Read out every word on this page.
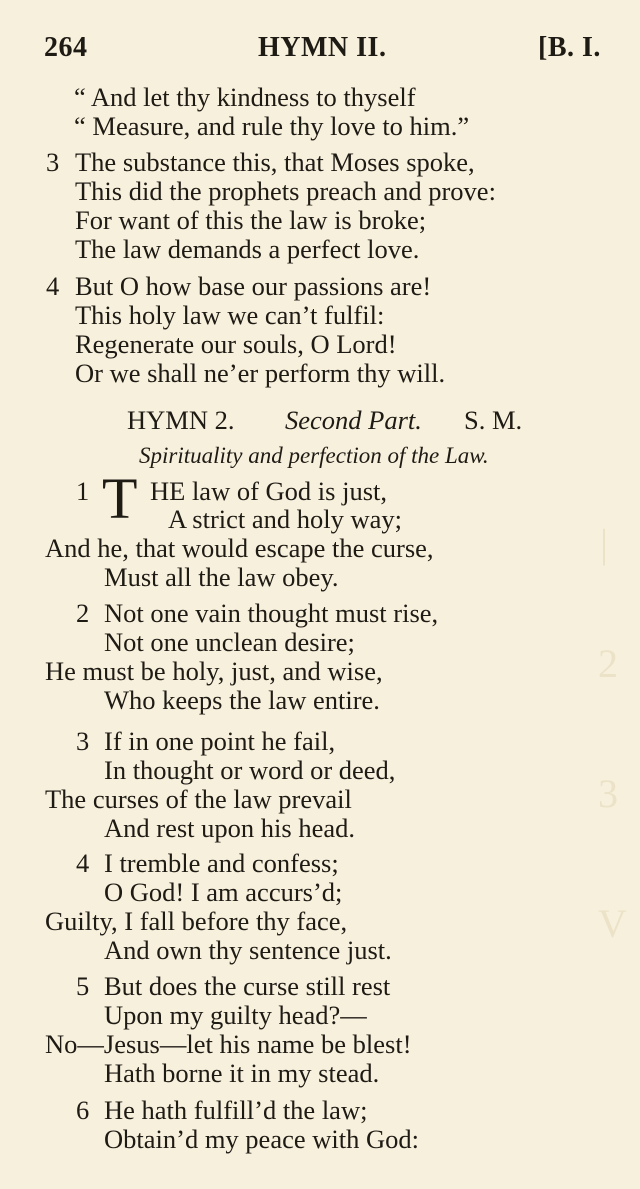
|
2
3
V
264	HYMN II.	[B. I.
“ And let thy kindness to thyself
“ Measure, and rule thy love to him.”
3 The substance this, that Moses spoke,
This did the prophets preach and prove:
For want of this the law is broke;
The law demands a perfect love.
4 But O how base our passions are!
This holy law we can’t fulfil:
Regenerate our souls, O Lord!
Or we shall ne’er perform thy will.
HYMN 2. Second Part. S. M.
Spirituality and perfection of the Law.
1 T HE law of God is just,
A strict and holy way;
And he, that would escape the curse,
Must all the law obey.
2 Not one vain thought must rise,
Not one unclean desire;
He must be holy, just, and wise,
Who keeps the law entire.
3 If in one point he fail,
In thought or word or deed,
The curses of the law prevail
And rest upon his head.
4 I tremble and confess;
O God! I am accurs’d;
Guilty, I fall before thy face,
And own thy sentence just.
5 But does the curse still rest
Upon my guilty head?—
No—Jesus—let his name be blest!
Hath borne it in my stead.
6 He hath fulfill’d the law;
Obtain’d my peace with God:
